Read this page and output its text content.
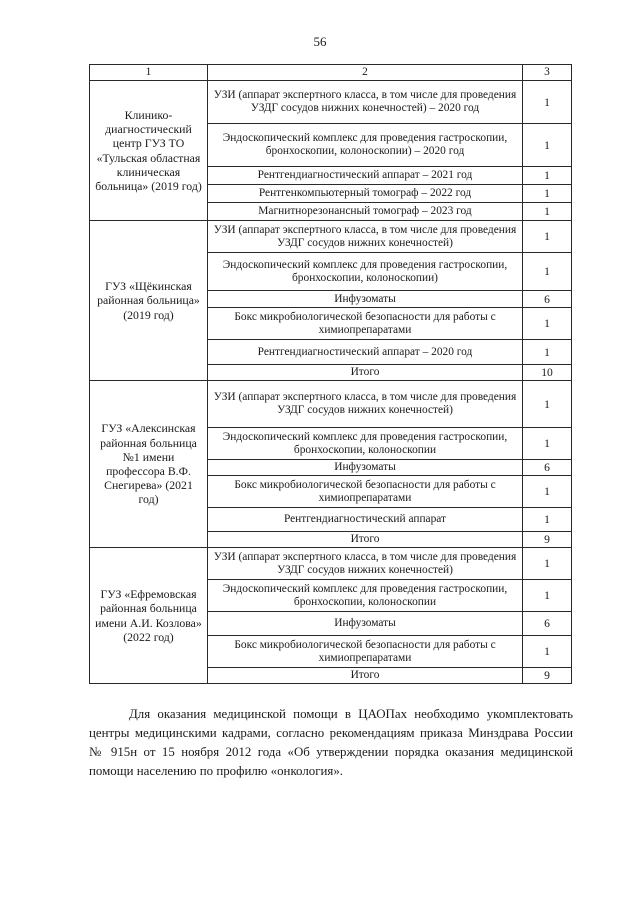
56
1	2	3
Клинико-диагностический центр ГУЗ ТО «Тульская областная клиническая больница» (2019 год)	УЗИ (аппарат экспертного класса, в том числе для проведения УЗДГ сосудов нижних конечностей) – 2020 год	1
	Эндоскопический комплекс для проведения гастроскопии, бронхоскопии, колоноскопии) – 2020 год	1
	Рентгендиагностический аппарат – 2021 год	1
	Рентгенкомпьютерный томограф – 2022 год	1
	Магнитнорезонансный томограф – 2023 год	1
ГУЗ «Щёкинская районная больница» (2019 год)	УЗИ (аппарат экспертного класса, в том числе для проведения УЗДГ сосудов нижних конечностей)	1
	Эндоскопический комплекс для проведения гастроскопии, бронхоскопии, колоноскопии)	1
	Инфузоматы	6
	Бокс микробиологической безопасности для работы с химиопрепаратами	1
	Рентгендиагностический аппарат – 2020 год	1
	Итого	10
ГУЗ «Алексинская районная больница №1 имени профессора В.Ф. Снегирева» (2021 год)	УЗИ (аппарат экспертного класса, в том числе для проведения УЗДГ сосудов нижних конечностей)	1
	Эндоскопический комплекс для проведения гастроскопии, бронхоскопии, колоноскопии	1
	Инфузоматы	6
	Бокс микробиологической безопасности для работы с химиопрепаратами	1
	Рентгендиагностический аппарат	1
	Итого	9
ГУЗ «Ефремовская районная больница имени А.И. Козлова» (2022 год)	УЗИ (аппарат экспертного класса, в том числе для проведения УЗДГ сосудов нижних конечностей)	1
	Эндоскопический комплекс для проведения гастроскопии, бронхоскопии, колоноскопии	1
	Инфузоматы	6
	Бокс микробиологической безопасности для работы с химиопрепаратами	1
	Итого	9

Для оказания медицинской помощи в ЦАОПах необходимо укомплектовать центры медицинскими кадрами, согласно рекомендациям приказа Минздрава России № 915н от 15 ноября 2012 года «Об утверждении порядка оказания медицинской помощи населению по профилю «онкология».
